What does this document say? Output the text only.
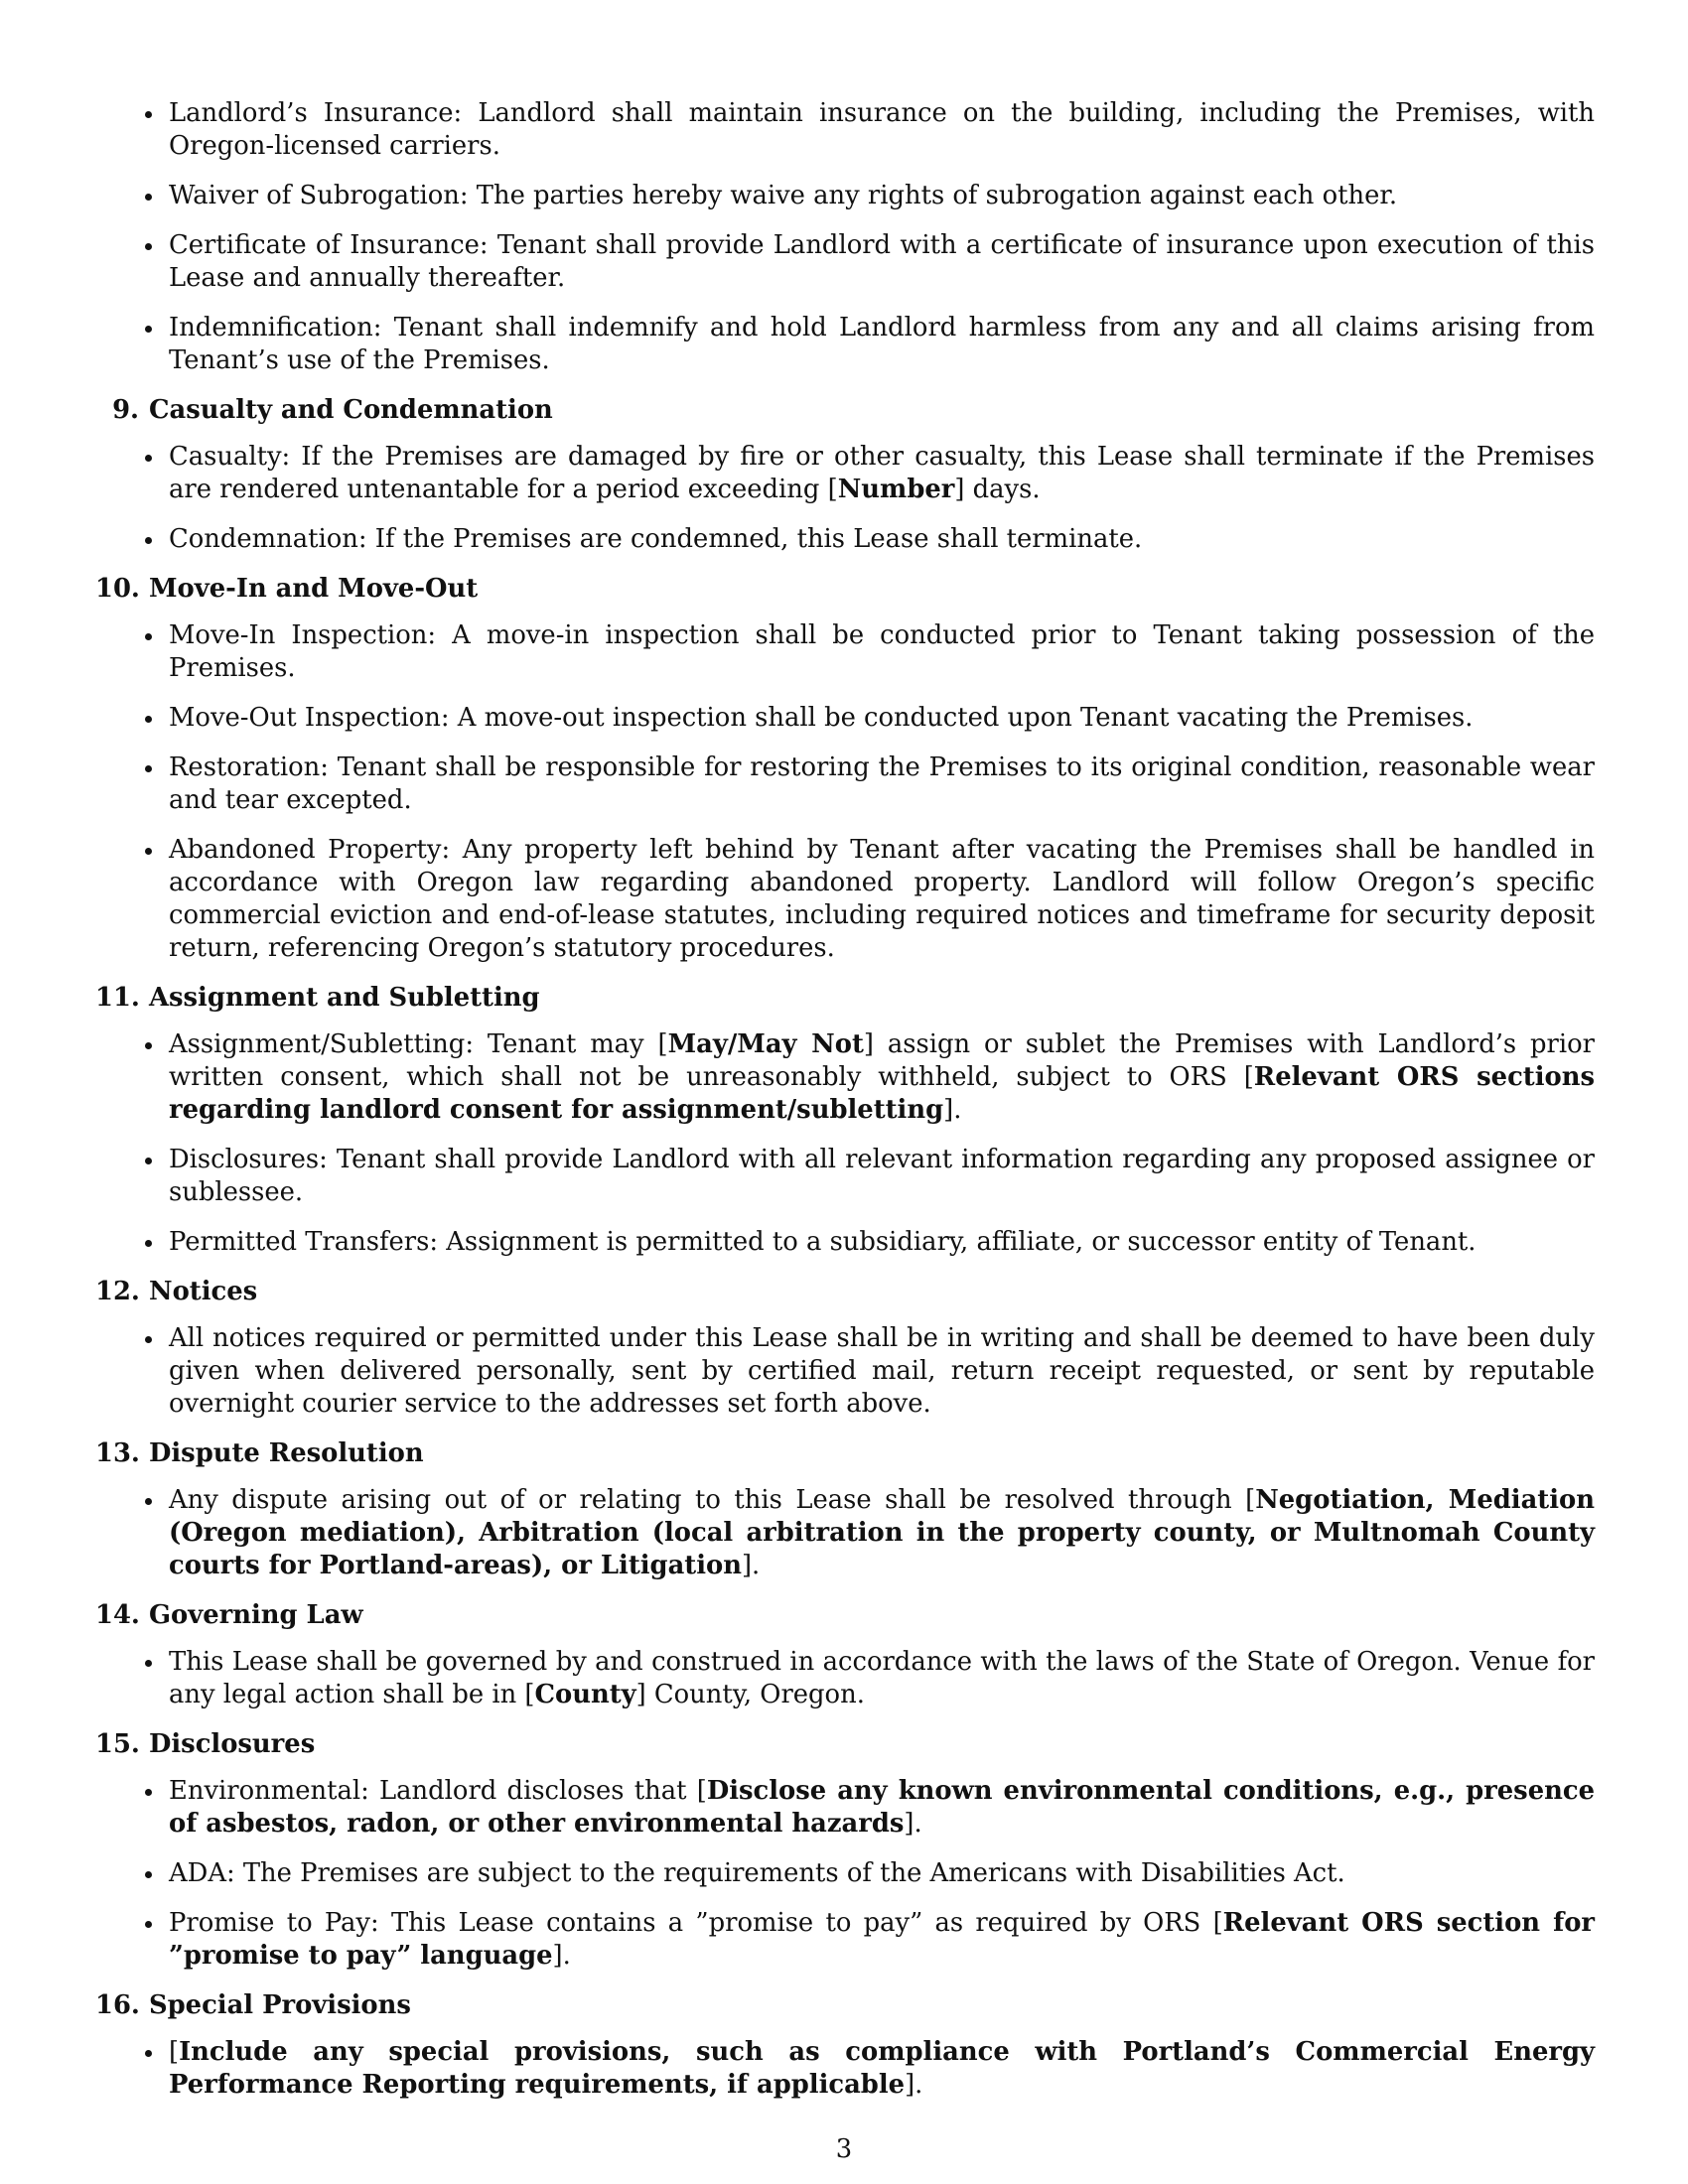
Landlord’s Insurance: Landlord shall maintain insurance on the building, including the Premises, with Oregon-licensed carriers.
Waiver of Subrogation: The parties hereby waive any rights of subrogation against each other.
Certificate of Insurance: Tenant shall provide Landlord with a certificate of insurance upon execution of this Lease and annually thereafter.
Indemnification: Tenant shall indemnify and hold Landlord harmless from any and all claims arising from Tenant’s use of the Premises.
9. Casualty and Condemnation
Casualty: If the Premises are damaged by fire or other casualty, this Lease shall terminate if the Premises are rendered untenantable for a period exceeding [Number] days.
Condemnation: If the Premises are condemned, this Lease shall terminate.
10. Move-In and Move-Out
Move-In Inspection: A move-in inspection shall be conducted prior to Tenant taking possession of the Premises.
Move-Out Inspection: A move-out inspection shall be conducted upon Tenant vacating the Premises.
Restoration: Tenant shall be responsible for restoring the Premises to its original condition, reasonable wear and tear excepted.
Abandoned Property: Any property left behind by Tenant after vacating the Premises shall be handled in accordance with Oregon law regarding abandoned property. Landlord will follow Oregon’s specific commercial eviction and end-of-lease statutes, including required notices and timeframe for security deposit return, referencing Oregon’s statutory procedures.
11. Assignment and Subletting
Assignment/Subletting: Tenant may [May/May Not] assign or sublet the Premises with Landlord’s prior written consent, which shall not be unreasonably withheld, subject to ORS [Relevant ORS sections regarding landlord consent for assignment/subletting].
Disclosures: Tenant shall provide Landlord with all relevant information regarding any proposed assignee or sublessee.
Permitted Transfers: Assignment is permitted to a subsidiary, affiliate, or successor entity of Tenant.
12. Notices
All notices required or permitted under this Lease shall be in writing and shall be deemed to have been duly given when delivered personally, sent by certified mail, return receipt requested, or sent by reputable overnight courier service to the addresses set forth above.
13. Dispute Resolution
Any dispute arising out of or relating to this Lease shall be resolved through [Negotiation, Mediation (Oregon mediation), Arbitration (local arbitration in the property county, or Multnomah County courts for Portland-areas), or Litigation].
14. Governing Law
This Lease shall be governed by and construed in accordance with the laws of the State of Oregon. Venue for any legal action shall be in [County] County, Oregon.
15. Disclosures
Environmental: Landlord discloses that [Disclose any known environmental conditions, e.g., presence of asbestos, radon, or other environmental hazards].
ADA: The Premises are subject to the requirements of the Americans with Disabilities Act.
Promise to Pay: This Lease contains a ”promise to pay” as required by ORS [Relevant ORS section for ”promise to pay” language].
16. Special Provisions
[Include any special provisions, such as compliance with Portland’s Commercial Energy Performance Reporting requirements, if applicable].
3
